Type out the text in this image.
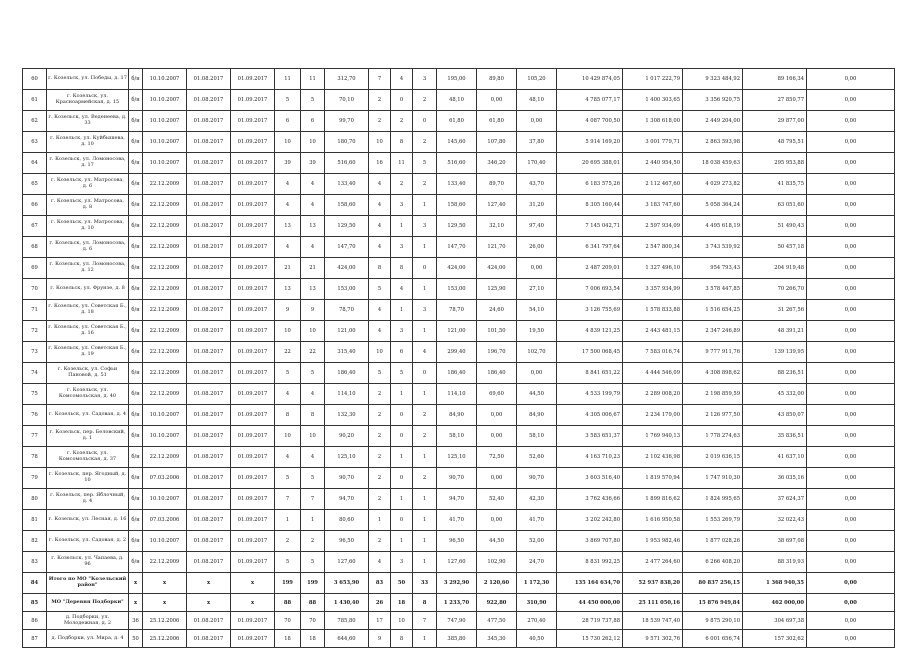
60	г. Козельск, ул. Победы, д. 17	б/н	10.10.2007	01.08.2017	01.09.2017	11	11	312,70	7	4	3	195,00	89,80	105,20	10 429 874,05	1 017 222,79	9 323 484,92	89 166,34	0,00
61	г. Козельск, ул. Красноармейская, д. 15	б/н	10.10.2007	01.08.2017	01.09.2017	5	5	70,10	2	0	2	48,10	0,00	48,10	4 785 077,17	1 400 303,65	3 356 920,75	27 850,77	0,00
62	г. Козельск, ул. Веденеева, д. 33	б/н	10.10.2007	01.08.2017	01.09.2017	6	6	99,70	2	2	0	61,80	61,80	0,00	4 087 700,50	1 308 618,00	2 449 204,00	29 877,00	0,00
63	г. Козельск, ул. Куйбышева, д. 10	б/н	10.10.2007	01.08.2017	01.09.2017	10	10	180,70	10	8	2	145,60	107,80	37,80	5 914 169,20	3 001 779,71	2 863 593,98	48 795,51	0,00
64	г. Козельск, ул. Ломоносова, д. 17	б/н	10.10.2007	01.08.2017	01.09.2017	39	39	516,60	16	11	5	516,60	346,20	170,40	20 695 388,01	2 440 954,50	18 038 459,63	295 953,88	0,00
65	г. Козельск, ул. Матросова, д. 6	б/н	22.12.2009	01.08.2017	01.09.2017	4	4	133,40	4	2	2	133,40	89,70	43,70	6 183 575,26	2 112 467,60	4 029 273,82	41 835,75	0,00
66	г. Козельск, ул. Матросова, д. 8	б/н	22.12.2009	01.08.2017	01.09.2017	4	4	158,60	4	3	1	158,60	127,40	31,20	8 305 160,44	3 183 747,60	5 058 364,24	63 051,60	0,00
67	г. Козельск, ул. Матросова, д. 10	б/н	22.12.2009	01.08.2017	01.09.2017	13	13	129,50	4	1	3	129,50	32,10	97,40	7 145 042,71	2 597 934,09	4 495 618,19	51 490,43	0,00
68	г. Козельск, ул. Ломоносова, д. 6	б/н	22.12.2009	01.08.2017	01.09.2017	4	4	147,70	4	3	1	147,70	121,70	26,00	6 341 797,64	2 547 800,34	3 743 539,92	50 457,18	0,00
69	г. Козельск, ул. Ломоносова, д. 12	б/н	22.12.2009	01.08.2017	01.09.2017	21	21	424,00	8	8	0	424,00	424,00	0,00	2 487 209,01	1 327 496,10	954 793,43	204 919,48	0,00
70	г. Козельск, ул. Фрунзе, д. 8	б/н	22.12.2009	01.08.2017	01.09.2017	13	13	153,00	5	4	1	153,00	125,90	27,10	7 006 693,54	3 357 934,99	3 578 447,85	70 266,70	0,00
71	г. Козельск, ул. Советская Б., д. 18	б/н	22.12.2009	01.08.2017	01.09.2017	9	9	78,70	4	1	3	78,70	24,60	54,10	3 126 755,69	1 578 833,88	1 516 654,25	31 267,56	0,00
72	г. Козельск, ул. Советская Б., д. 16	б/н	22.12.2009	01.08.2017	01.09.2017	10	10	121,00	4	3	1	121,00	101,50	19,50	4 839 121,25	2 443 481,15	2 347 246,89	48 391,21	0,00
73	г. Козельск, ул. Советская Б., д. 19	б/н	22.12.2009	01.08.2017	01.09.2017	22	22	315,40	10	6	4	299,40	196,70	102,70	17 500 068,45	7 583 016,74	9 777 911,76	139 139,95	0,00
74	г. Козельск, ул. Софьи Пановой, д. 51	б/н	22.12.2009	01.08.2017	01.09.2017	5	5	186,40	5	5	0	186,40	186,40	0,00	8 841 651,22	4 444 546,09	4 308 898,62	88 236,51	0,00
75	г. Козельск, ул. Комсомольская, д. 40	б/н	22.12.2009	01.08.2017	01.09.2017	4	4	114,10	2	1	1	114,10	69,60	44,50	4 533 199,79	2 289 008,20	2 198 859,59	45 332,00	0,00
76	г. Козельск, ул. Садовая, д. 4	б/н	10.10.2007	01.08.2017	01.09.2017	8	8	132,30	2	0	2	84,90	0,00	84,90	4 305 006,67	2 234 179,00	2 126 977,50	43 850,07	0,00
77	г. Козельск, пер. Беловский, д. 1	б/н	10.10.2007	01.08.2017	01.09.2017	10	10	90,20	2	0	2	58,10	0,00	58,10	3 583 651,37	1 769 940,13	1 778 274,63	35 836,51	0,00
78	г. Козельск, ул. Комсомольская, д. 37	б/н	22.12.2009	01.08.2017	01.09.2017	4	4	125,10	2	1	1	125,10	72,50	52,60	4 163 710,23	2 102 436,98	2 019 636,15	41 637,10	0,00
79	г. Козельск, пер. Ягодный, д. 10	б/н	07.03.2006	01.08.2017	01.09.2017	5	5	90,70	2	0	2	90,70	0,00	90,70	3 603 516,40	1 819 570,94	1 747 910,30	36 035,16	0,00
80	г. Козельск, пер. Яблочный, д. 4	б/н	10.10.2007	01.08.2017	01.09.2017	7	7	94,70	2	1	1	94,70	52,40	42,30	3 762 436,66	1 899 816,62	1 824 995,65	37 624,37	0,00
81	г. Козельск, ул. Лесная, д. 16	б/н	07.03.2006	01.08.2017	01.09.2017	1	1	80,60	1	0	1	41,70	0,00	41,70	3 202 242,80	1 616 950,58	1 553 269,79	32 022,43	0,00
82	г. Козельск, ул. Садовая, д. 2	б/н	10.10.2007	01.08.2017	01.09.2017	2	2	96,50	2	1	1	96,50	44,50	52,00	3 869 707,80	1 953 982,46	1 877 028,26	38 697,08	0,00
83	г. Козельск, ул. Чапаева, д. 96	б/н	22.12.2009	01.08.2017	01.09.2017	5	5	127,60	4	3	1	127,60	102,90	24,70	8 831 992,25	2 477 264,60	6 266 408,20	88 319,93	0,00
84	Итого по МО "Козельский район"	x	x	x	x	199	199	3 653,90	83	50	33	3 292,90	2 120,60	1 172,30	135 164 634,70	52 937 838,20	80 837 256,15	1 368 940,35	0,00
85	МО "Деревня Подборки"	x	x	x	x	88	88	1 430,40	26	18	8	1 233,70	922,80	310,90	44 450 000,00	25 111 050,16	15 876 949,84	462 000,00	0,00
86	д. Подборки, ул. Молодежная, д. 2	36	25.12.2006	01.08.2017	01.09.2017	70	70	785,80	17	10	7	747,90	477,50	270,40	28 719 737,88	18 539 747,40	9 875 290,10	304 697,38	0,00
87	д. Подборки, ул. Мира, д. 4	50	25.12.2006	01.08.2017	01.09.2017	18	18	644,60	9	8	1	385,80	345,30	40,50	15 730 262,12	9 571 302,76	6 001 656,74	157 302,62	0,00
